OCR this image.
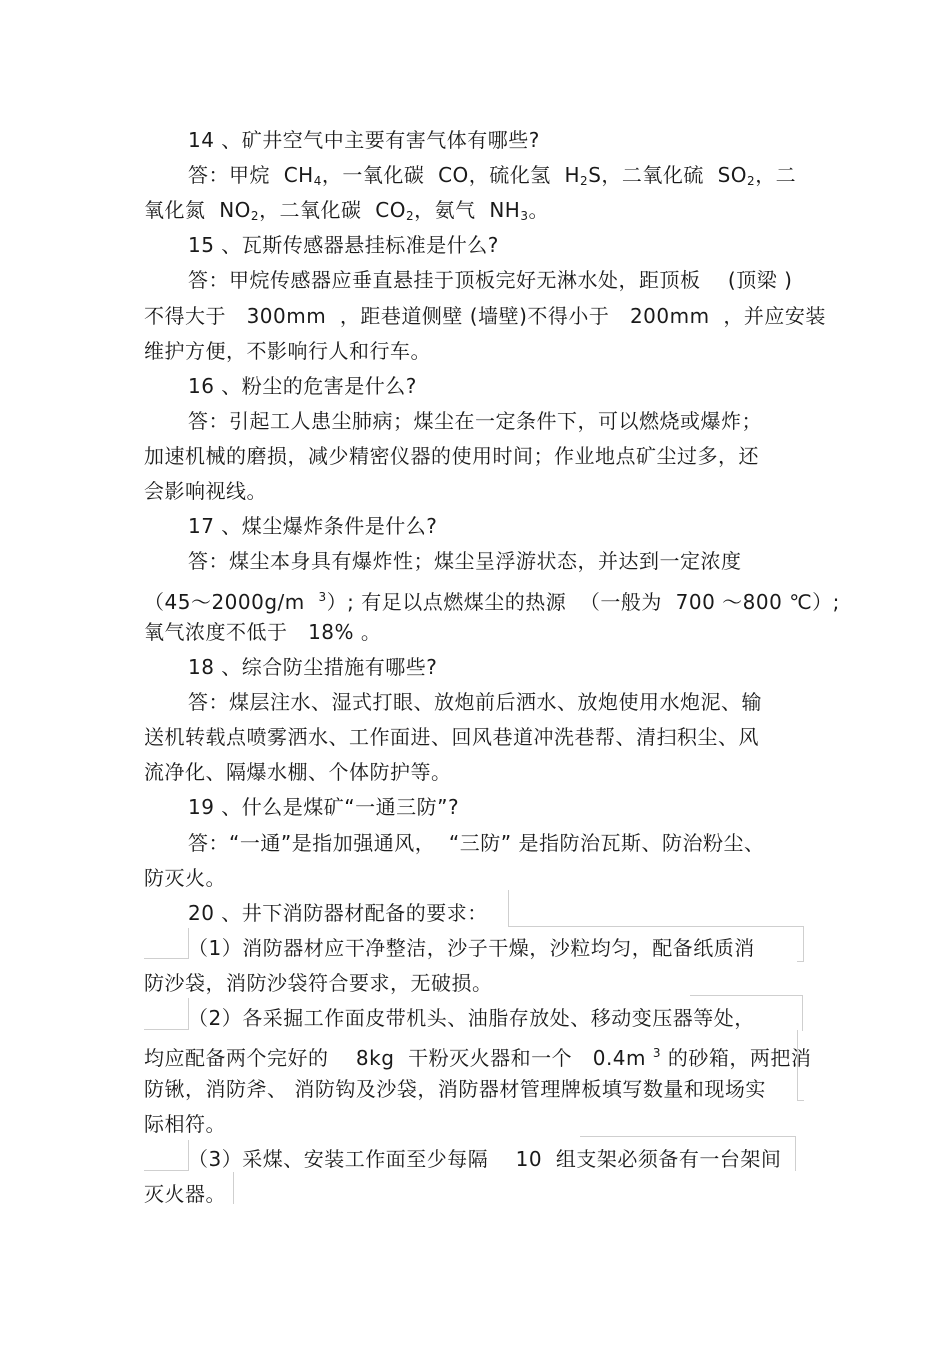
14 、矿井空气中主要有害气体有哪些?
答：甲烷  $CH_4$，一氧化碳  CO，硫化氢  $H_2S$，二氧化硫  $SO_2$，二
氧化氮  $NO_2$，二氧化碳  $CO_2$，氨气  $NH_3$。
15 、瓦斯传感器悬挂标准是什么?
答：甲烷传感器应垂直悬挂于顶板完好无淋水处，距顶板    (顶梁 )
不得大于   300mm  ，距巷道侧壁 (墙壁)不得小于   200mm  ，并应安装
维护方便，不影响行人和行车。
16 、粉尘的危害是什么?
答：引起工人患尘肺病；煤尘在一定条件下，可以燃烧或爆炸；
加速机械的磨损，减少精密仪器的使用时间；作业地点矿尘过多，还
会影响视线。
17 、煤尘爆炸条件是什么?
答：煤尘本身具有爆炸性；煤尘呈浮游状态，并达到一定浓度
（45～2000g/m  $^3$）; 有足以点燃煤尘的热源  （一般为  700 ～800 ℃）;
氧气浓度不低于   18% 。
18 、综合防尘措施有哪些?
答：煤层注水、湿式打眼、放炮前后洒水、放炮使用水炮泥、输
送机转载点喷雾洒水、工作面进、回风巷道冲洗巷帮、清扫积尘、风
流净化、隔爆水棚、个体防护等。
19 、什么是煤矿“一通三防”?
答：“一通”是指加强通风，  “三防” 是指防治瓦斯、防治粉尘、
防灭火。
20 、井下消防器材配备的要求：
（1）消防器材应干净整洁，沙子干燥，沙粒均匀，配备纸质消
防沙袋，消防沙袋符合要求，无破损。
（2）各采掘工作面皮带机头、油脂存放处、移动变压器等处，
均应配备两个完好的    8kg  干粉灭火器和一个   0.4m $^3$ 的砂箱，两把消
防锹，消防斧、 消防钩及沙袋，消防器材管理牌板填写数量和现场实
际相符。
（3）采煤、安装工作面至少每隔    10  组支架必须备有一台架间
灭火器。
